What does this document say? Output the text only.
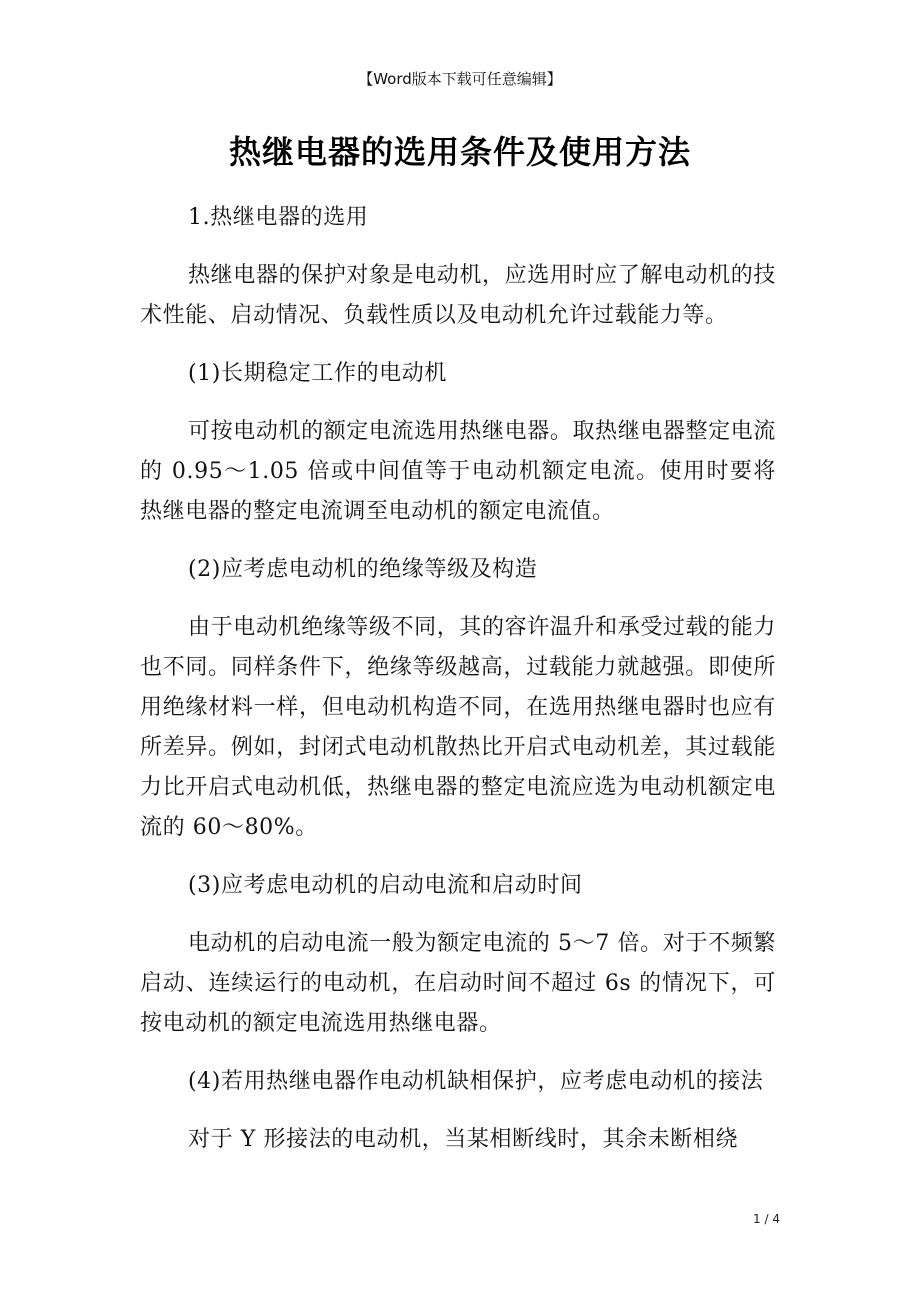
【Word版本下载可任意编辑】
热继电器的选用条件及使用方法

1.热继电器的选用

热继电器的保护对象是电动机，应选用时应了解电动机的技术性能、启动情况、负载性质以及电动机允许过载能力等。

(1)长期稳定工作的电动机

可按电动机的额定电流选用热继电器。取热继电器整定电流的 0.95～1.05 倍或中间值等于电动机额定电流。使用时要将热继电器的整定电流调至电动机的额定电流值。

(2)应考虑电动机的绝缘等级及构造

由于电动机绝缘等级不同，其的容许温升和承受过载的能力也不同。同样条件下，绝缘等级越高，过载能力就越强。即使所用绝缘材料一样，但电动机构造不同，在选用热继电器时也应有所差异。例如，封闭式电动机散热比开启式电动机差，其过载能力比开启式电动机低，热继电器的整定电流应选为电动机额定电流的 60～80%。

(3)应考虑电动机的启动电流和启动时间

电动机的启动电流一般为额定电流的 5～7 倍。对于不频繁启动、连续运行的电动机，在启动时间不超过 6s 的情况下，可按电动机的额定电流选用热继电器。

(4)若用热继电器作电动机缺相保护，应考虑电动机的接法

对于 Y 形接法的电动机，当某相断线时，其余未断相绕

1 / 4
